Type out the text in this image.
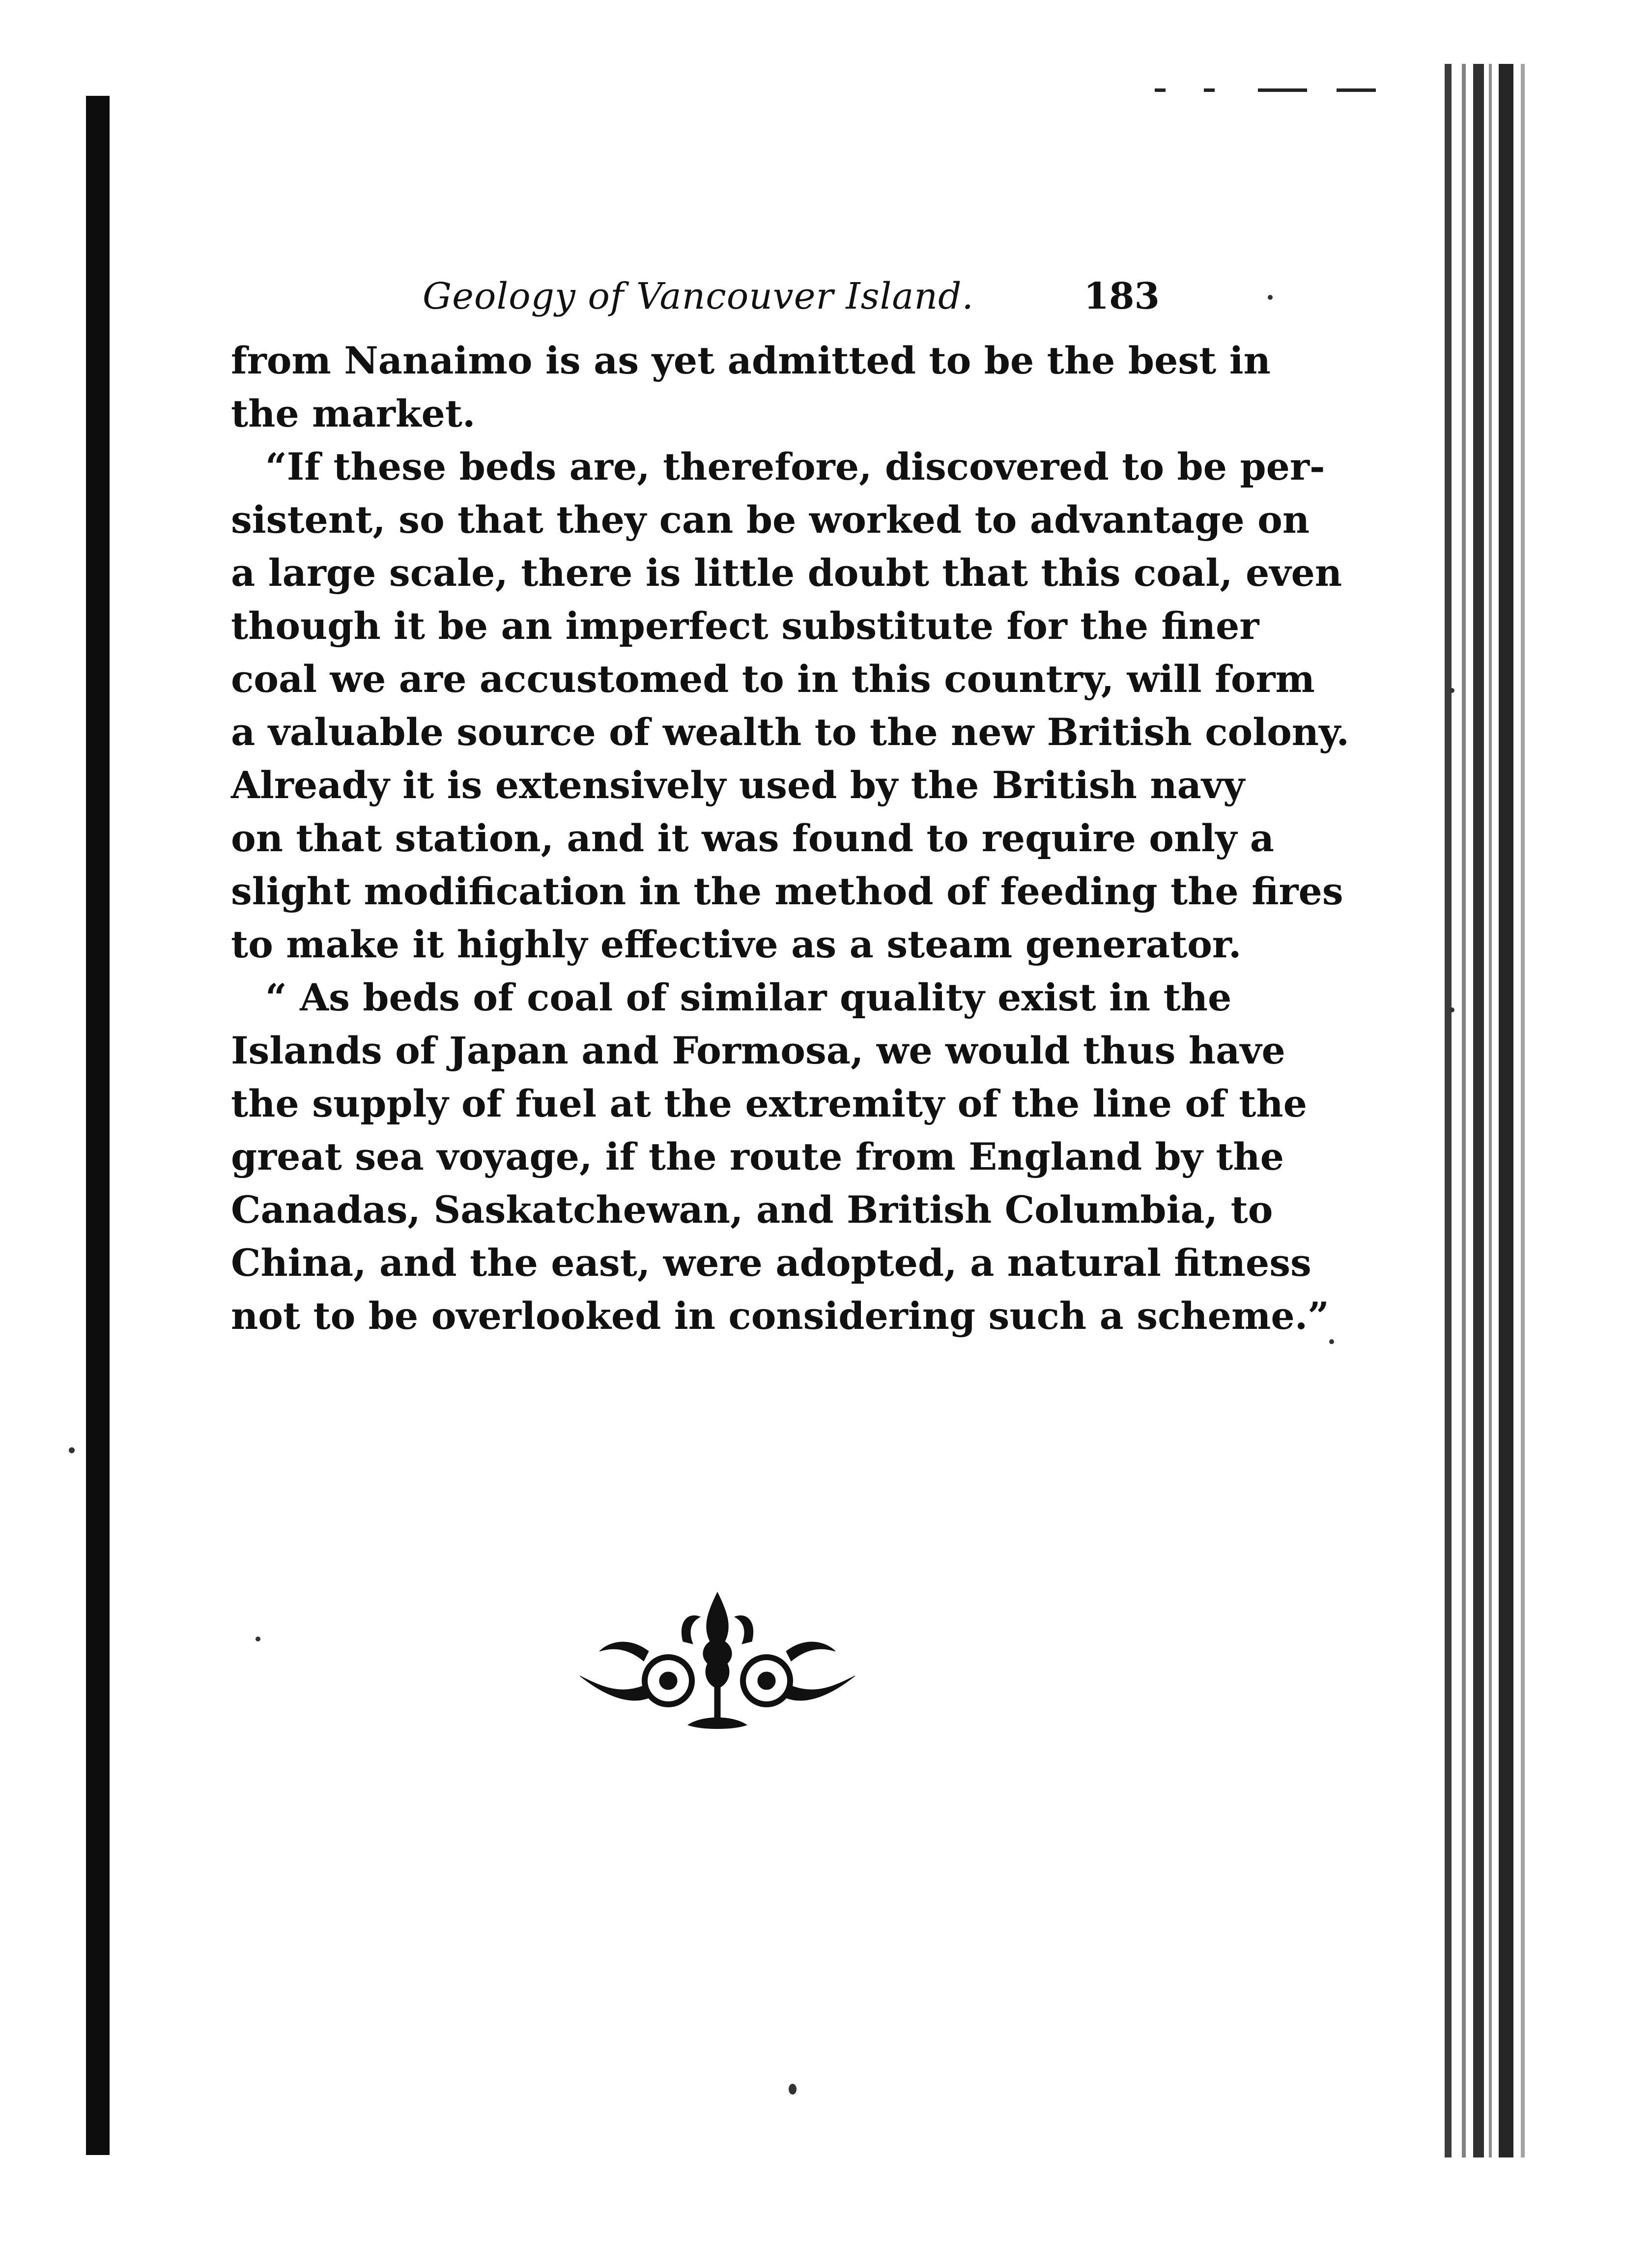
Geology of Vancouver Island.	183

from Nanaimo is as yet admitted to be the best in
the market.

“If these beds are, therefore, discovered to be per-
sistent, so that they can be worked to advantage on
a large scale, there is little doubt that this coal, even
though it be an imperfect substitute for the finer
coal we are accustomed to in this country, will form
a valuable source of wealth to the new British colony.
Already it is extensively used by the British navy
on that station, and it was found to require only a
slight modification in the method of feeding the fires
to make it highly effective as a steam generator.

“ As beds of coal of similar quality exist in the
Islands of Japan and Formosa, we would thus have
the supply of fuel at the extremity of the line of the
great sea voyage, if the route from England by the
Canadas, Saskatchewan, and British Columbia, to
China, and the east, were adopted, a natural fitness
not to be overlooked in considering such a scheme.”
